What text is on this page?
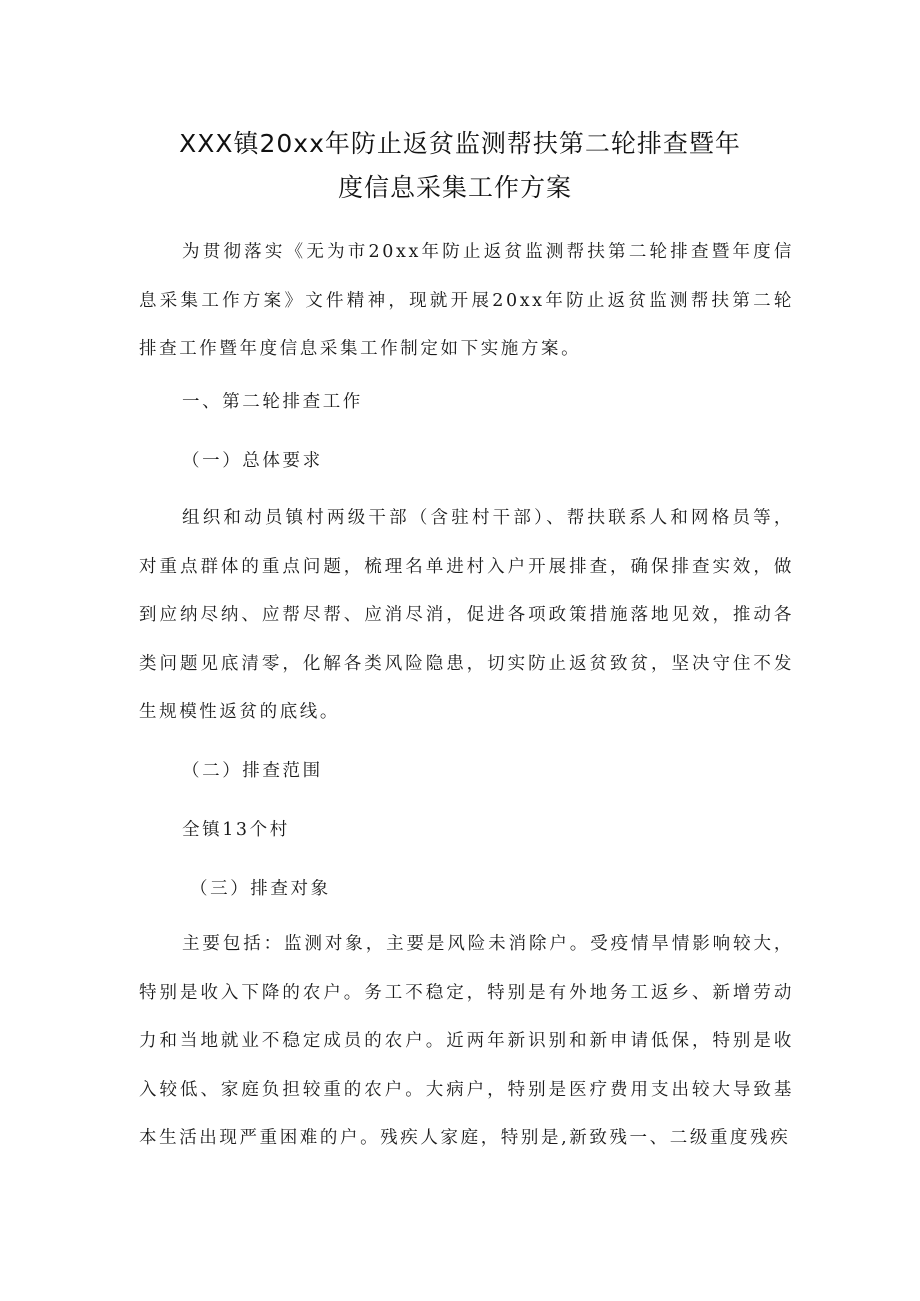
XXX镇20xx年防止返贫监测帮扶第二轮排查暨年
度信息采集工作方案

为贯彻落实《无为市20xx年防止返贫监测帮扶第二轮排查暨年度信息采集工作方案》文件精神，现就开展20xx年防止返贫监测帮扶第二轮排查工作暨年度信息采集工作制定如下实施方案。

一、第二轮排查工作

（一）总体要求

组织和动员镇村两级干部（含驻村干部）、帮扶联系人和网格员等，对重点群体的重点问题，梳理名单进村入户开展排查，确保排查实效，做到应纳尽纳、应帮尽帮、应消尽消，促进各项政策措施落地见效，推动各类问题见底清零，化解各类风险隐患，切实防止返贫致贫，坚决守住不发生规模性返贫的底线。

（二）排查范围

全镇13个村

（三）排查对象

主要包括：监测对象，主要是风险未消除户。受疫情旱情影响较大，特别是收入下降的农户。务工不稳定，特别是有外地务工返乡、新增劳动力和当地就业不稳定成员的农户。近两年新识别和新申请低保，特别是收入较低、家庭负担较重的农户。大病户，特别是医疗费用支出较大导致基本生活出现严重困难的户。残疾人家庭，特别是,新致残一、二级重度残疾
